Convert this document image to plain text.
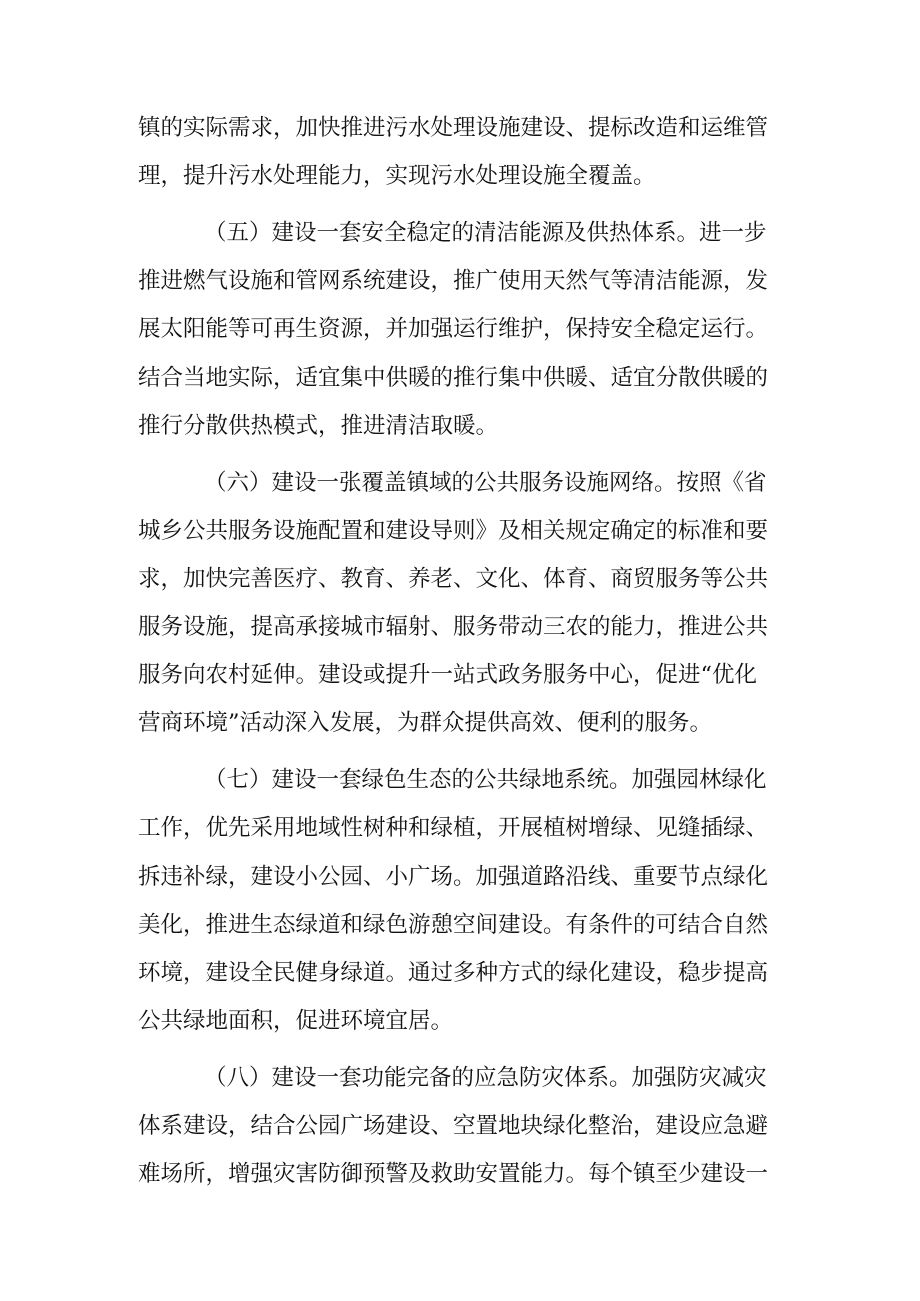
镇的实际需求，加快推进污水处理设施建设、提标改造和运维管
理，提升污水处理能力，实现污水处理设施全覆盖。
（五）建设一套安全稳定的清洁能源及供热体系。进一步
推进燃气设施和管网系统建设，推广使用天然气等清洁能源，发
展太阳能等可再生资源，并加强运行维护，保持安全稳定运行。
结合当地实际，适宜集中供暖的推行集中供暖、适宜分散供暖的
推行分散供热模式，推进清洁取暖。
（六）建设一张覆盖镇域的公共服务设施网络。按照《省
城乡公共服务设施配置和建设导则》及相关规定确定的标准和要
求，加快完善医疗、教育、养老、文化、体育、商贸服务等公共
服务设施，提高承接城市辐射、服务带动三农的能力，推进公共
服务向农村延伸。建设或提升一站式政务服务中心，促进“优化
营商环境”活动深入发展，为群众提供高效、便利的服务。
（七）建设一套绿色生态的公共绿地系统。加强园林绿化
工作，优先采用地域性树种和绿植，开展植树增绿、见缝插绿、
拆违补绿，建设小公园、小广场。加强道路沿线、重要节点绿化
美化，推进生态绿道和绿色游憩空间建设。有条件的可结合自然
环境，建设全民健身绿道。通过多种方式的绿化建设，稳步提高
公共绿地面积，促进环境宜居。
（八）建设一套功能完备的应急防灾体系。加强防灾减灾
体系建设，结合公园广场建设、空置地块绿化整治，建设应急避
难场所，增强灾害防御预警及救助安置能力。每个镇至少建设一
